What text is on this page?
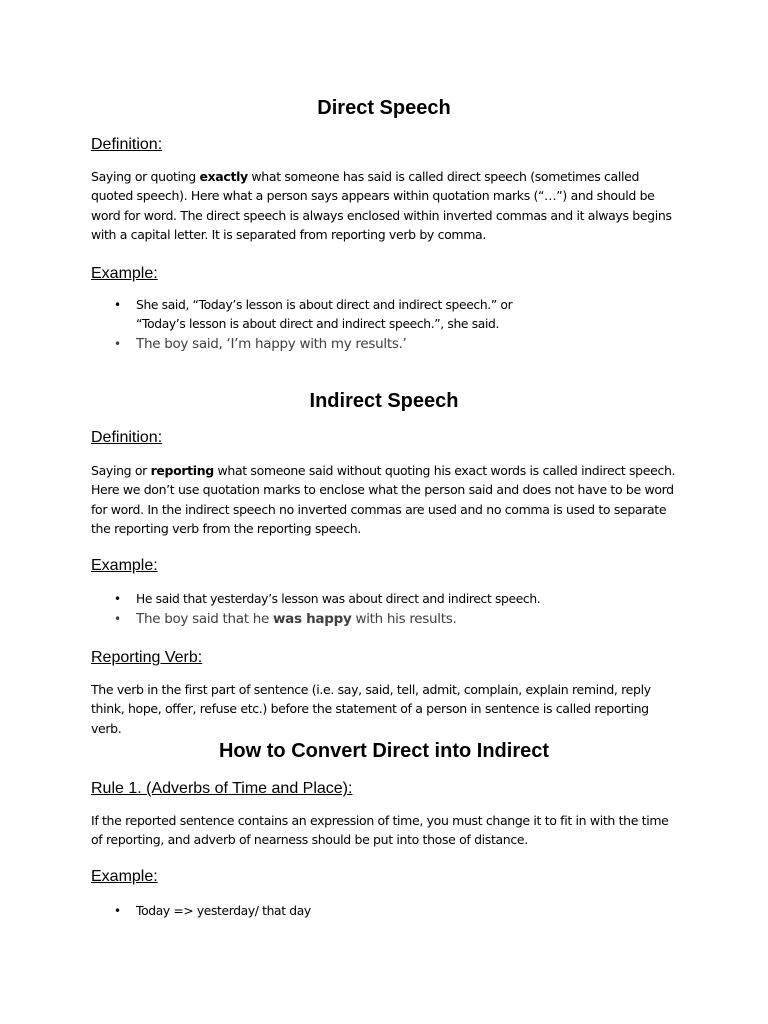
Direct Speech
Definition:

Saying or quoting exactly what someone has said is called direct speech (sometimes called quoted speech). Here what a person says appears within quotation marks (“…”) and should be word for word. The direct speech is always enclosed within inverted commas and it always begins with a capital letter. It is separated from reporting verb by comma.

Example:
• She said, “Today’s lesson is about direct and indirect speech.” or
“Today’s lesson is about direct and indirect speech.”, she said.
• The boy said, ‘I’m happy with my results.’
Indirect Speech
Definition:

Saying or reporting what someone said without quoting his exact words is called indirect speech. Here we don’t use quotation marks to enclose what the person said and does not have to be word for word. In the indirect speech no inverted commas are used and no comma is used to separate the reporting verb from the reporting speech.

Example:
• He said that yesterday’s lesson was about direct and indirect speech.
• The boy said that he was happy with his results.
Reporting Verb:

The verb in the first part of sentence (i.e. say, said, tell, admit, complain, explain remind, reply think, hope, offer, refuse etc.) before the statement of a person in sentence is called reporting verb.

How to Convert Direct into Indirect
Rule 1. (Adverbs of Time and Place):

If the reported sentence contains an expression of time, you must change it to fit in with the time of reporting, and adverb of nearness should be put into those of distance.

Example:
• Today => yesterday/ that day
